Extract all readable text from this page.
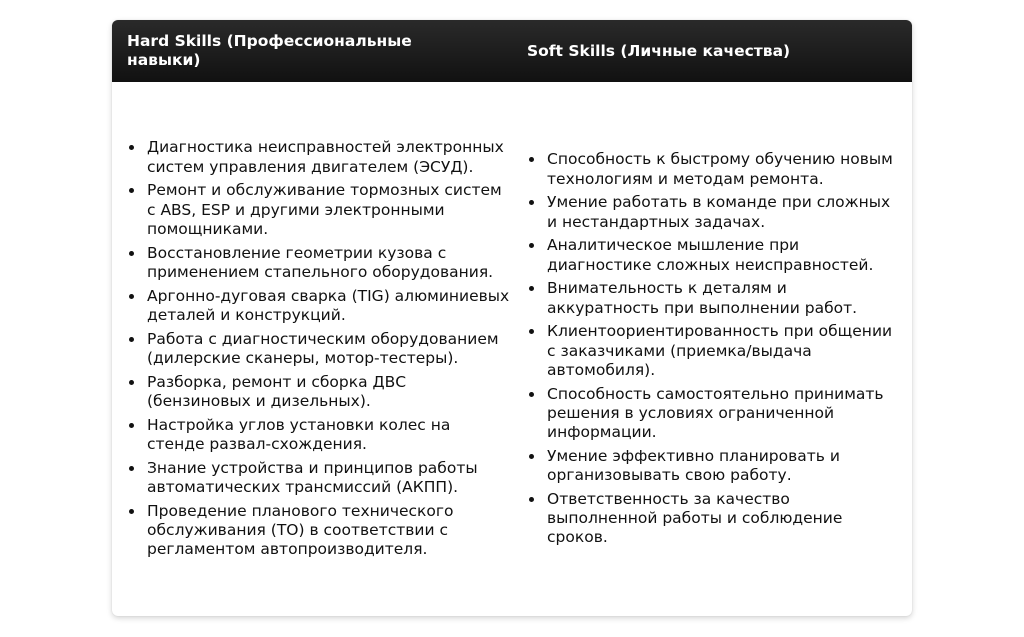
Hard Skills (Профессиональные навыки)
Soft Skills (Личные качества)
Диагностика неисправностей электронных систем управления двигателем (ЭСУД).
Ремонт и обслуживание тормозных систем с ABS, ESP и другими электронными помощниками.
Восстановление геометрии кузова с применением стапельного оборудования.
Аргонно-дуговая сварка (TIG) алюминиевых деталей и конструкций.
Работа с диагностическим оборудованием (дилерские сканеры, мотор-тестеры).
Разборка, ремонт и сборка ДВС (бензиновых и дизельных).
Настройка углов установки колес на стенде развал-схождения.
Знание устройства и принципов работы автоматических трансмиссий (АКПП).
Проведение планового технического обслуживания (ТО) в соответствии с регламентом автопроизводителя.
Способность к быстрому обучению новым технологиям и методам ремонта.
Умение работать в команде при сложных и нестандартных задачах.
Аналитическое мышление при диагностике сложных неисправностей.
Внимательность к деталям и аккуратность при выполнении работ.
Клиентоориентированность при общении с заказчиками (приемка/выдача автомобиля).
Способность самостоятельно принимать решения в условиях ограниченной информации.
Умение эффективно планировать и организовывать свою работу.
Ответственность за качество выполненной работы и соблюдение сроков.
